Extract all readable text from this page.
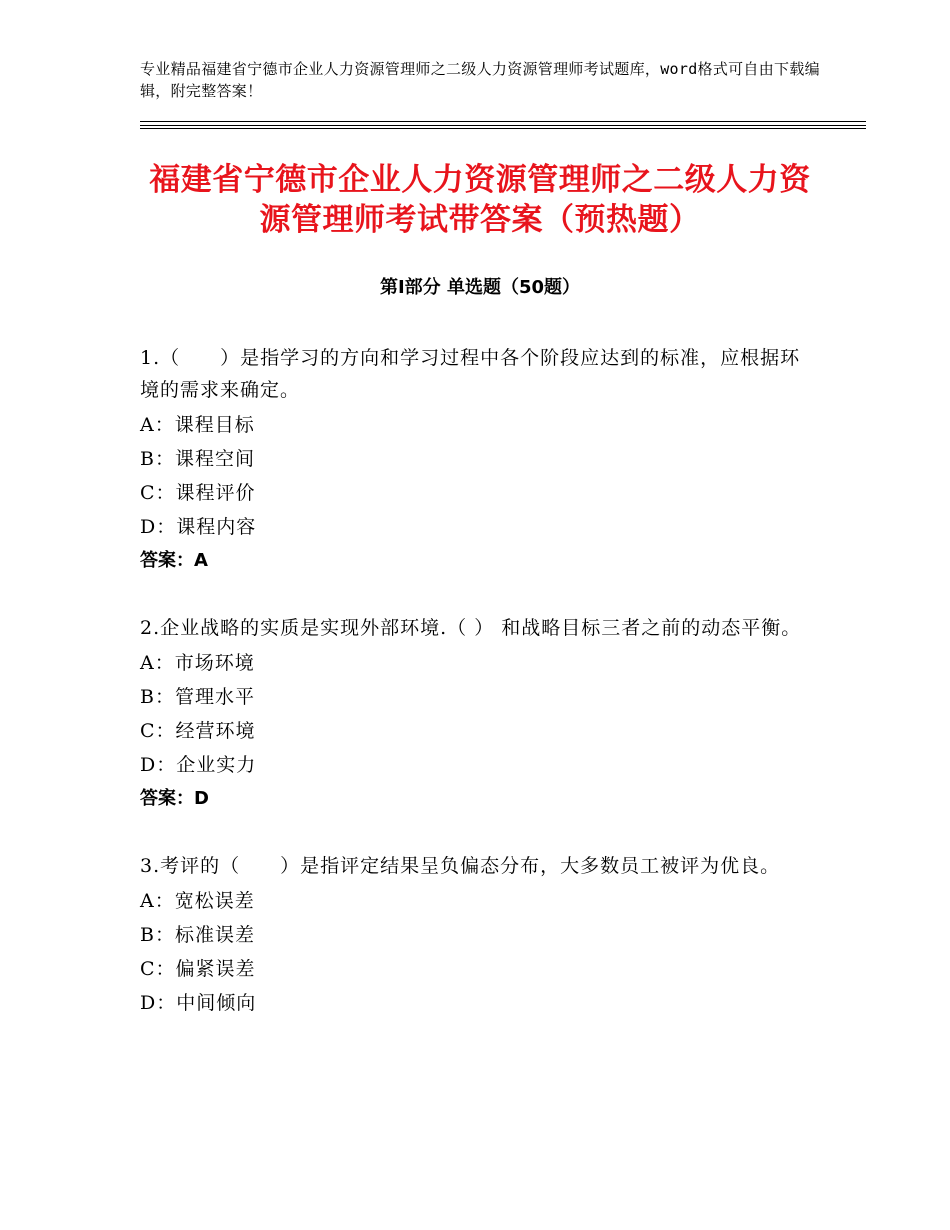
专业精品福建省宁德市企业人力资源管理师之二级人力资源管理师考试题库，word格式可自由下载编辑，附完整答案！
福建省宁德市企业人力资源管理师之二级人力资源管理师考试带答案（预热题）
第Ⅰ部分 单选题（50题）
1.（　　）是指学习的方向和学习过程中各个阶段应达到的标准，应根据环境的需求来确定。
A：课程目标
B：课程空间
C：课程评价
D：课程内容
答案：A
2.企业战略的实质是实现外部环境.（ ） 和战略目标三者之前的动态平衡。
A：市场环境
B：管理水平
C：经营环境
D：企业实力
答案：D
3.考评的（　　）是指评定结果呈负偏态分布，大多数员工被评为优良。
A：宽松误差
B：标准误差
C：偏紧误差
D：中间倾向
